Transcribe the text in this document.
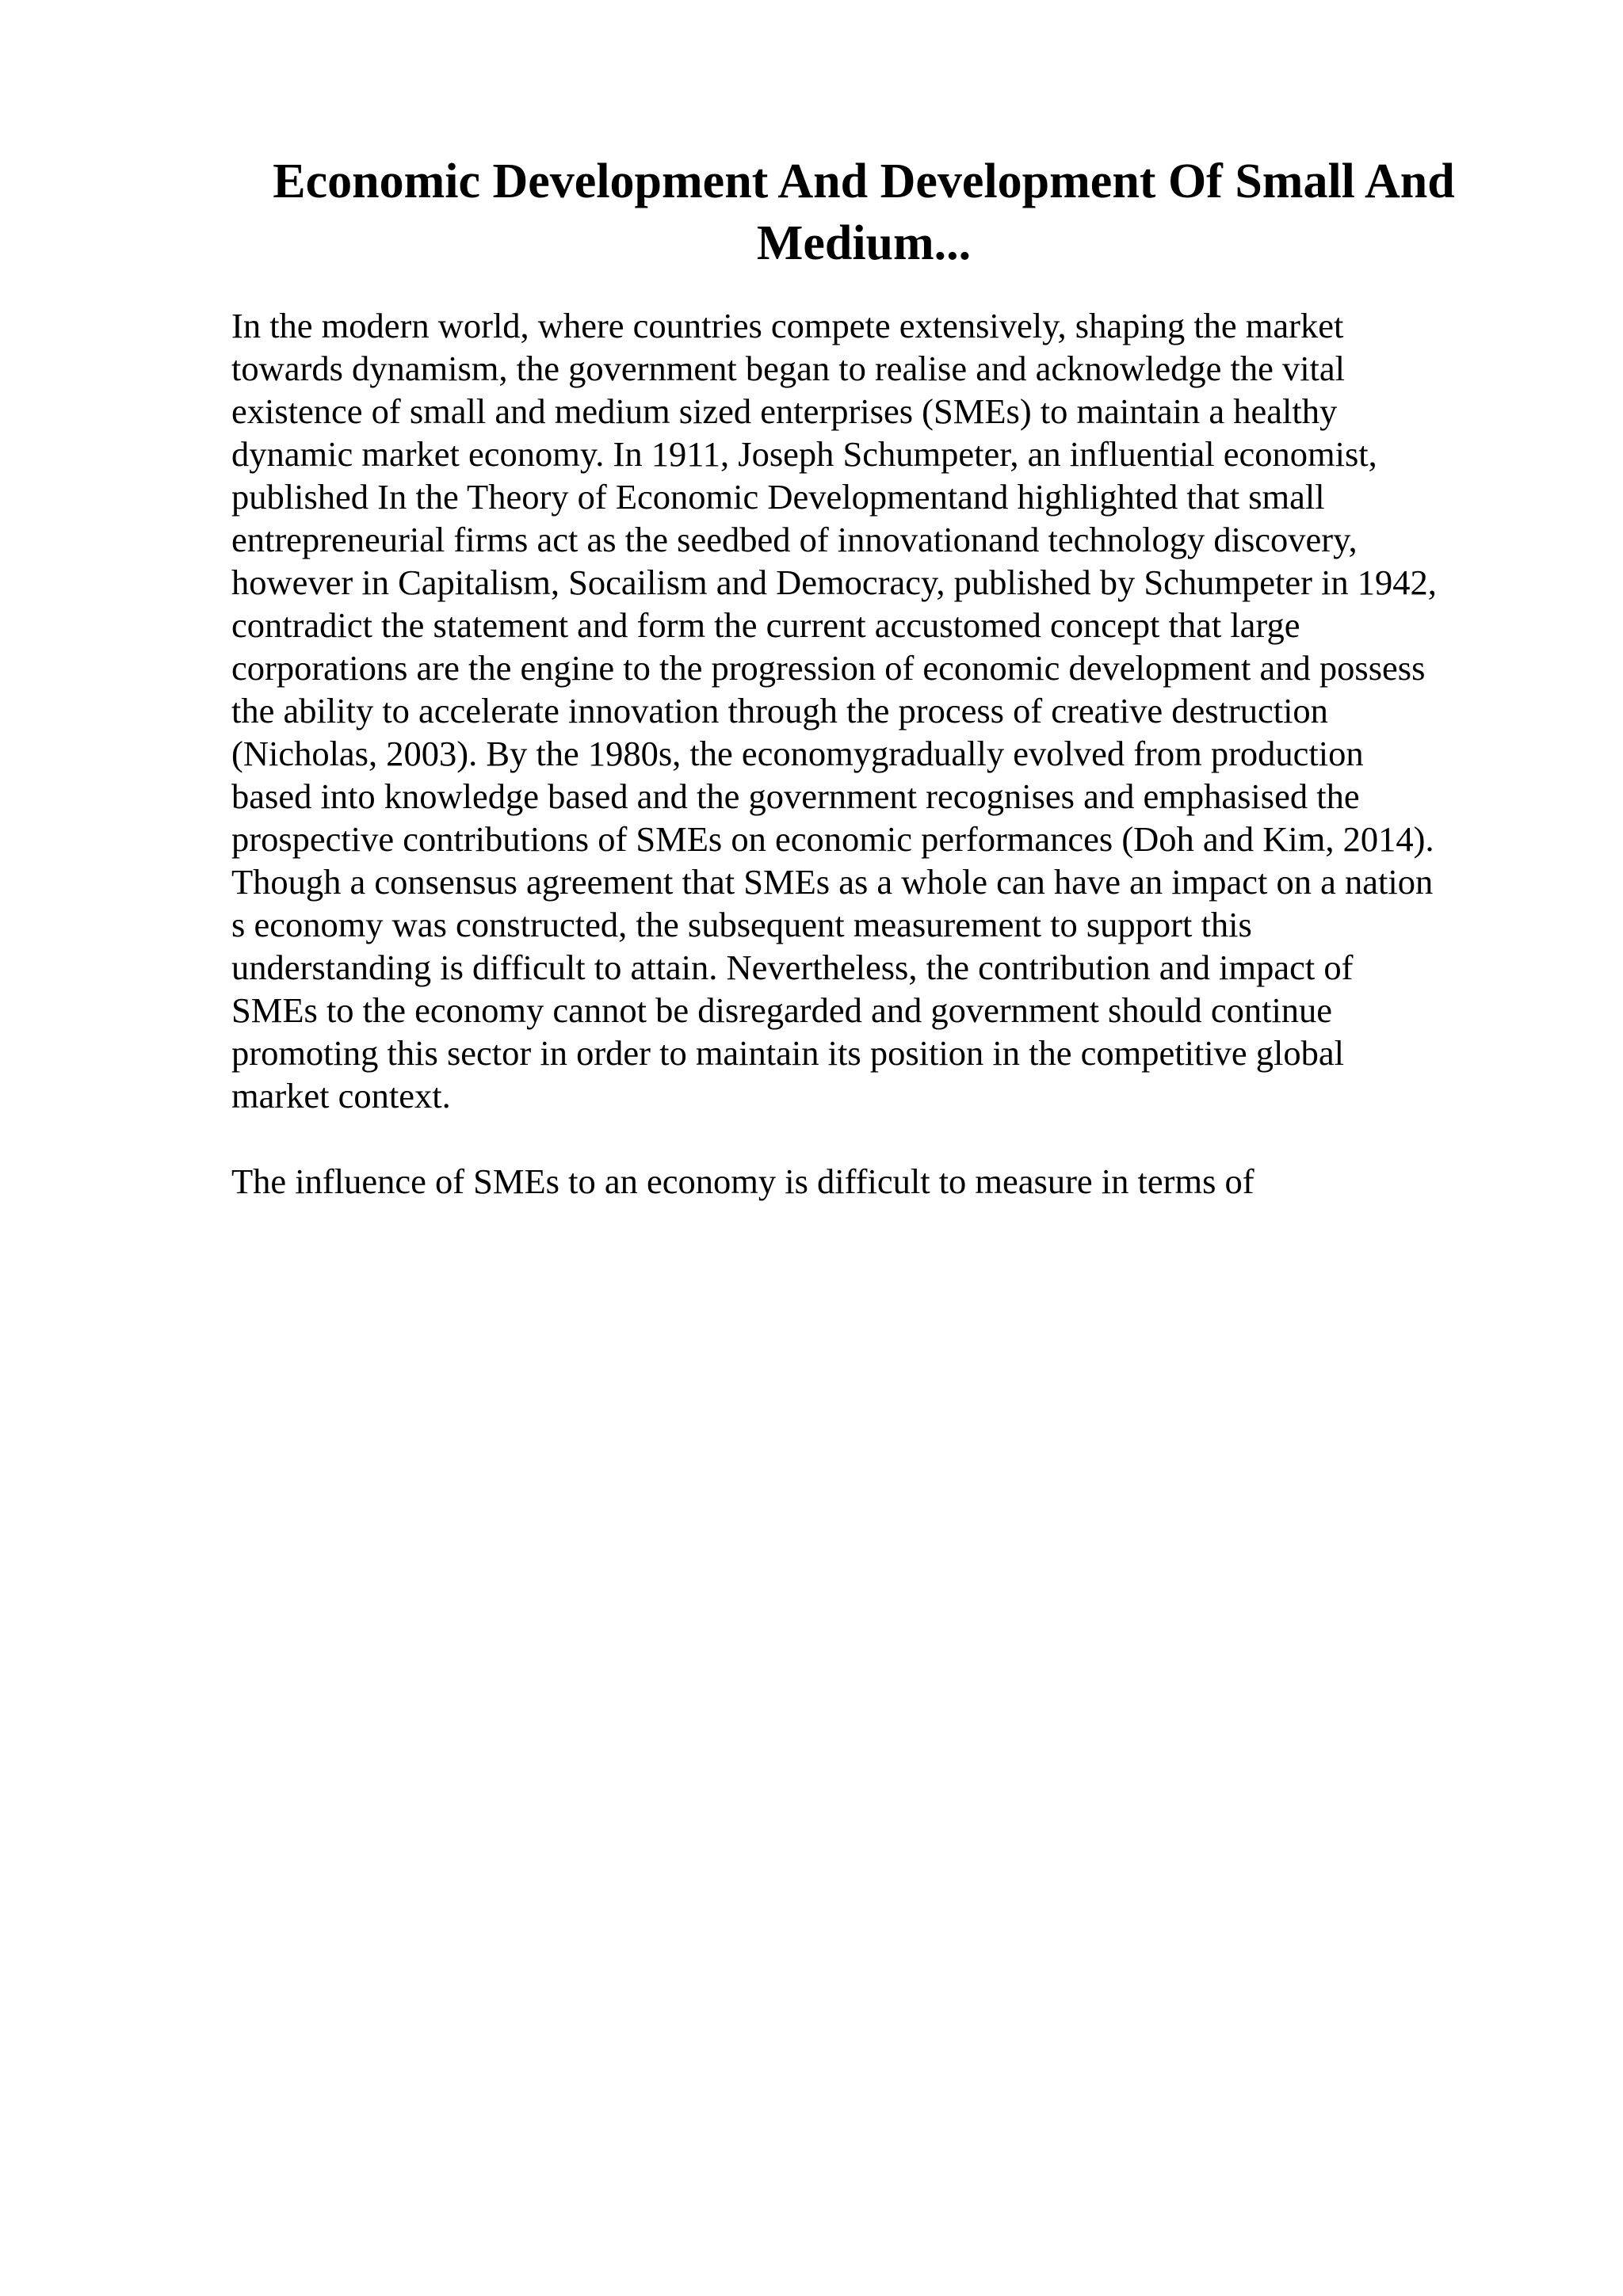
Economic Development And Development Of Small And
Medium...
In the modern world, where countries compete extensively, shaping the market
towards dynamism, the government began to realise and acknowledge the vital
existence of small and medium sized enterprises (SMEs) to maintain a healthy
dynamic market economy. In 1911, Joseph Schumpeter, an influential economist,
published In the Theory of Economic Developmentand highlighted that small
entrepreneurial firms act as the seedbed of innovationand technology discovery,
however in Capitalism, Socailism and Democracy, published by Schumpeter in 1942,
contradict the statement and form the current accustomed concept that large
corporations are the engine to the progression of economic development and possess
the ability to accelerate innovation through the process of creative destruction
(Nicholas, 2003). By the 1980s, the economygradually evolved from production
based into knowledge based and the government recognises and emphasised the
prospective contributions of SMEs on economic performances (Doh and Kim, 2014).
Though a consensus agreement that SMEs as a whole can have an impact on a nation
s economy was constructed, the subsequent measurement to support this
understanding is difficult to attain. Nevertheless, the contribution and impact of
SMEs to the economy cannot be disregarded and government should continue
promoting this sector in order to maintain its position in the competitive global
market context.
The influence of SMEs to an economy is difficult to measure in terms of
